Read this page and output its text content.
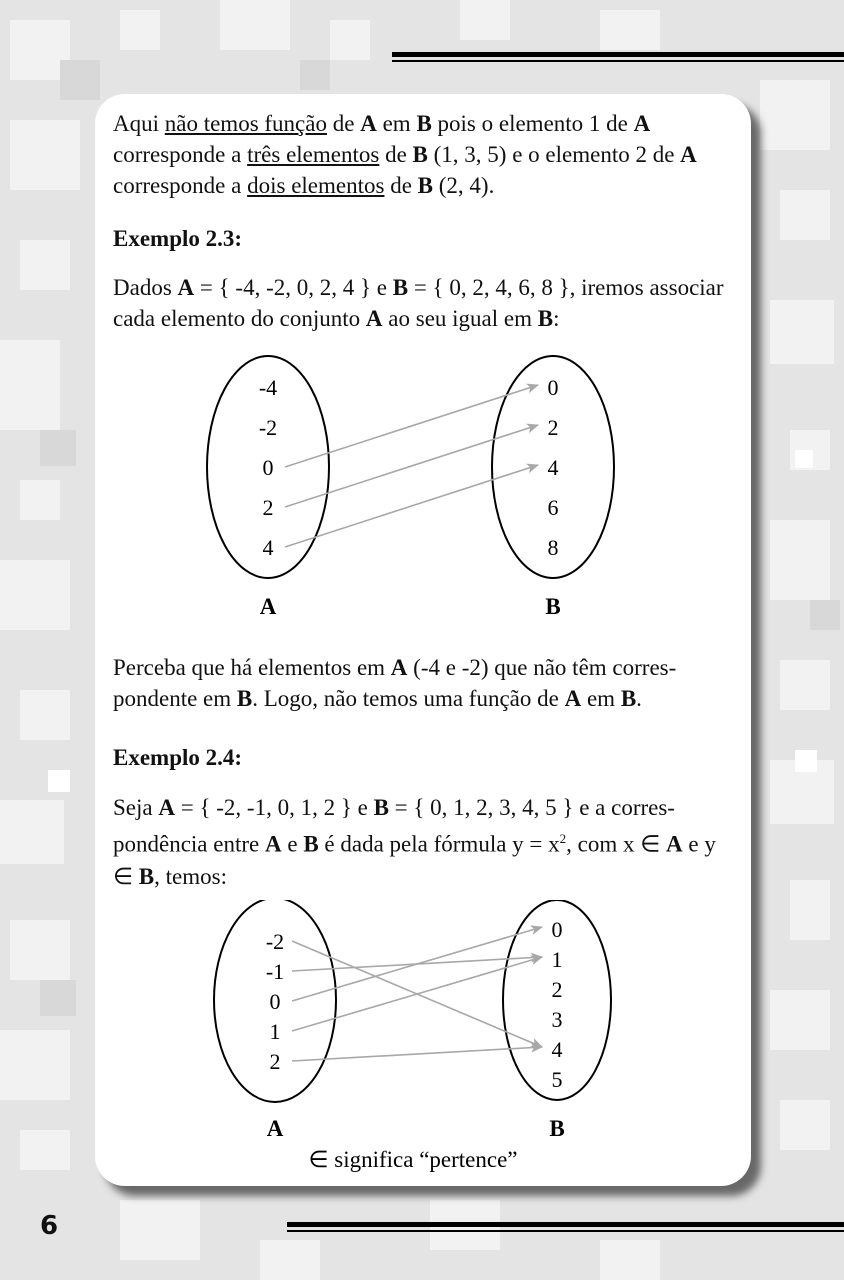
Aqui não temos função de A em B pois o elemento 1 de A corresponde a três elementos de B (1, 3, 5) e o elemento 2 de A corresponde a dois elementos de B (2, 4).

Exemplo 2.3:

Dados A = { -4, -2, 0, 2, 4 } e B = { 0, 2, 4, 6, 8 }, iremos associar cada elemento do conjunto A ao seu igual em B:

-4
-2
0
2
4
0
2
4
6
8
A	B

Perceba que há elementos em A (-4 e -2) que não têm corres-pondente em B. Logo, não temos uma função de A em B.

Exemplo 2.4:

Seja A = { -2, -1, 0, 1, 2 } e B = { 0, 1, 2, 3, 4, 5 } e a corres-pondência entre A e B é dada pela fórmula $y = x^2$, com x ∈ A e y ∈ B, temos:

-2
-1
0
1
2
0
1
2
3
4
5
A	B
∈ significa “pertence”
6
